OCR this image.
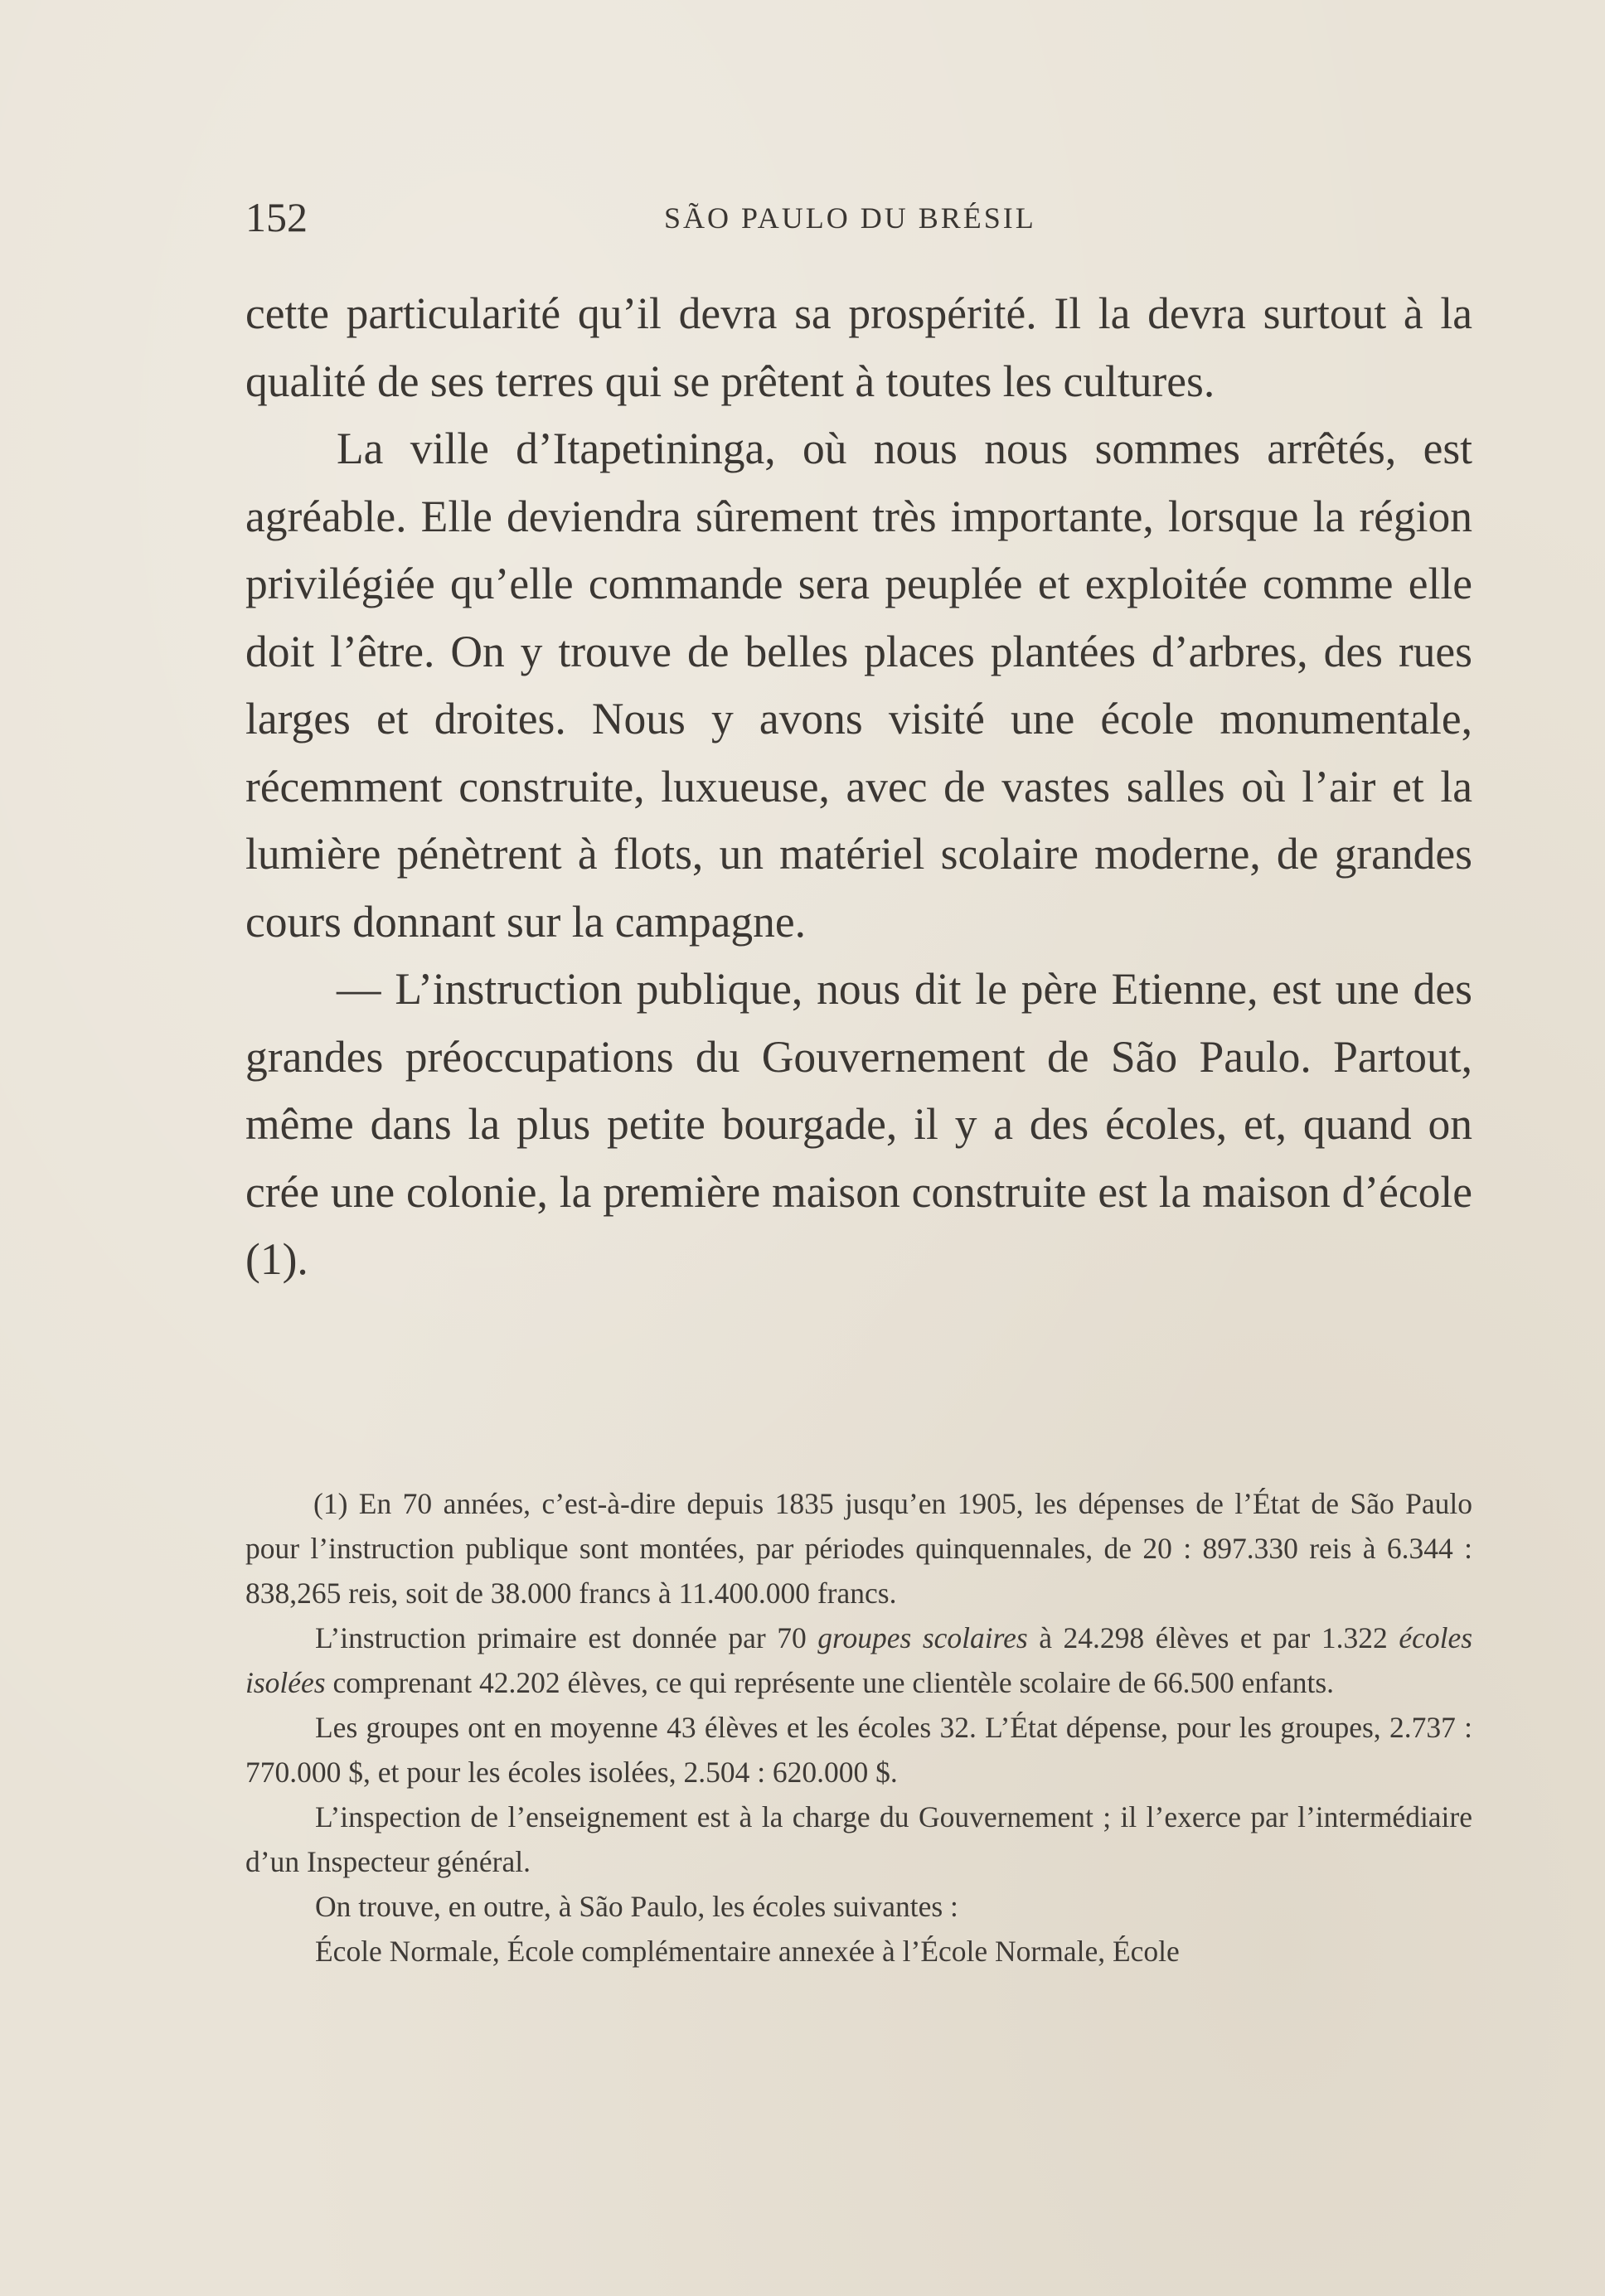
152	SÃO PAULO DU BRÉSIL

cette particularité qu’il devra sa prospérité. Il la devra surtout à la qualité de ses terres qui se prêtent à toutes les cultures.

La ville d’Itapetininga, où nous nous sommes arrêtés, est agréable. Elle deviendra sûrement très importante, lorsque la région privilégiée qu’elle commande sera peuplée et exploitée comme elle doit l’être. On y trouve de belles places plantées d’arbres, des rues larges et droites. Nous y avons visité une école monumentale, récemment construite, luxueuse, avec de vastes salles où l’air et la lumière pénètrent à flots, un matériel scolaire moderne, de grandes cours donnant sur la campagne.

— L’instruction publique, nous dit le père Etienne, est une des grandes préoccupations du Gouvernement de São Paulo. Partout, même dans la plus petite bourgade, il y a des écoles, et, quand on crée une colonie, la première maison construite est la maison d’école (1).

(1) En 70 années, c’est-à-dire depuis 1835 jusqu’en 1905, les dépenses de l’État de São Paulo pour l’instruction publique sont montées, par périodes quinquennales, de 20 : 897.330 reis à 6.344 : 838,265 reis, soit de 38.000 francs à 11.400.000 francs.

L’instruction primaire est donnée par 70 groupes scolaires à 24.298 élèves et par 1.322 écoles isolées comprenant 42.202 élèves, ce qui représente une clientèle scolaire de 66.500 enfants.

Les groupes ont en moyenne 43 élèves et les écoles 32. L’État dépense, pour les groupes, 2.737 : 770.000 $, et pour les écoles isolées, 2.504 : 620.000 $.

L’inspection de l’enseignement est à la charge du Gouvernement ; il l’exerce par l’intermédiaire d’un Inspecteur général.

On trouve, en outre, à São Paulo, les écoles suivantes :

École Normale, École complémentaire annexée à l’École Normale, École
